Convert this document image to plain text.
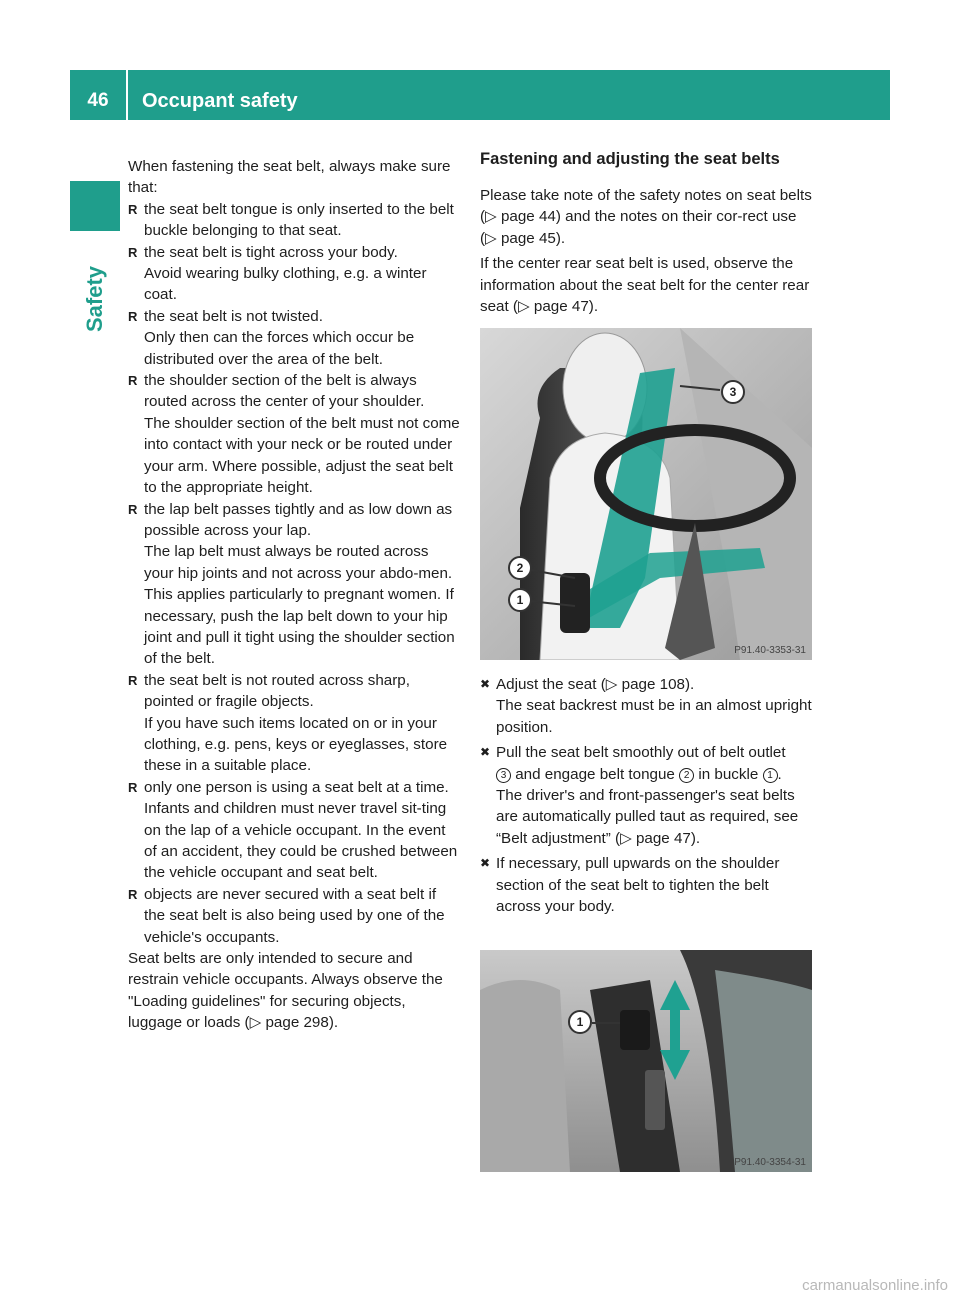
46	Occupant safety
Safety

When fastening the seat belt, always make sure that:

R the seat belt tongue is only inserted to the belt buckle belonging to that seat.

R the seat belt is tight across your body.

Avoid wearing bulky clothing, e.g. a winter coat.

R the seat belt is not twisted.

Only then can the forces which occur be distributed over the area of the belt.

R the shoulder section of the belt is always routed across the center of your shoulder.

The shoulder section of the belt must not come into contact with your neck or be routed under your arm. Where possible, adjust the seat belt to the appropriate height.

R the lap belt passes tightly and as low down as possible across your lap.

The lap belt must always be routed across your hip joints and not across your abdo-men. This applies particularly to pregnant women. If necessary, push the lap belt down to your hip joint and pull it tight using the shoulder section of the belt.

R the seat belt is not routed across sharp, pointed or fragile objects.

If you have such items located on or in your clothing, e.g. pens, keys or eyeglasses, store these in a suitable place.

R only one person is using a seat belt at a time.

Infants and children must never travel sit-ting on the lap of a vehicle occupant. In the event of an accident, they could be crushed between the vehicle occupant and seat belt.

R objects are never secured with a seat belt if the seat belt is also being used by one of the vehicle's occupants.

Seat belts are only intended to secure and restrain vehicle occupants. Always observe the "Loading guidelines" for securing objects, luggage or loads (▷ page 298).

Fastening and adjusting the seat belts

Please take note of the safety notes on seat belts (▷ page 44) and the notes on their cor-rect use (▷ page 45).

If the center rear seat belt is used, observe the information about the seat belt for the center rear seat (▷ page 47).

3
2
1
P91.40-3353-31
✖ Adjust the seat (▷ page 108).

The seat backrest must be in an almost upright position.

✖ Pull the seat belt smoothly out of belt outlet

3 and engage belt tongue 2 in buckle 1 .

The driver's and front-passenger's seat belts are automatically pulled taut as required, see “Belt adjustment” (▷ page 47).

✖ If necessary, pull upwards on the shoulder section of the seat belt to tighten the belt across your body.

1
P91.40-3354-31
carmanualsonline.info
